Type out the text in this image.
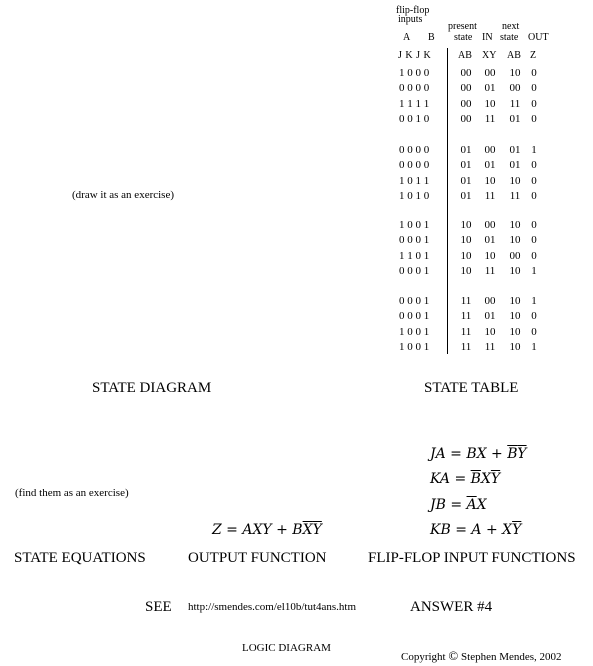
flip-flop
inputs
A B
present
state IN
next
state OUT
J K J K	AB XY AB Z
1 0 0 0	00	00	10 0
0 0 0 0	00	01	00 0
1 1 1 1	00	10	11 0
0 0 1 0	00	11	01 0
0 0 0 0	01	00	01 1
0 0 0 0	01	01	01 0
1 0 1 1	01	10	10 0
1 0 1 0	01	11	11 0
1 0 0 1	10	00	10 0
0 0 0 1	10	01	10 0
1 1 0 1	10	10	00 0
0 0 0 1	10	11	10 1
0 0 0 1	11	00	10 1
0 0 0 1	11	01	10 0
1 0 0 1	11	10	10 0
1 0 0 1	11	11	10 1
(draw it as an exercise)
STATE DIAGRAM	STATE TABLE
JA = BX + $\overline{B}\overline{Y}$
KA = $\overline{B}X\overline{Y}$
JB = $\overline{A}X$
KB = $A + X\overline{Y}$
(find them as an exercise)
Z = AXY + $B\overline{X}\overline{Y}$
STATE EQUATIONS	OUTPUT FUNCTION	FLIP-FLOP INPUT FUNCTIONS
SEE http://smendes.com/el10b/tut4ans.htm	ANSWER #4
LOGIC DIAGRAM
Copyright © Stephen Mendes, 2002
